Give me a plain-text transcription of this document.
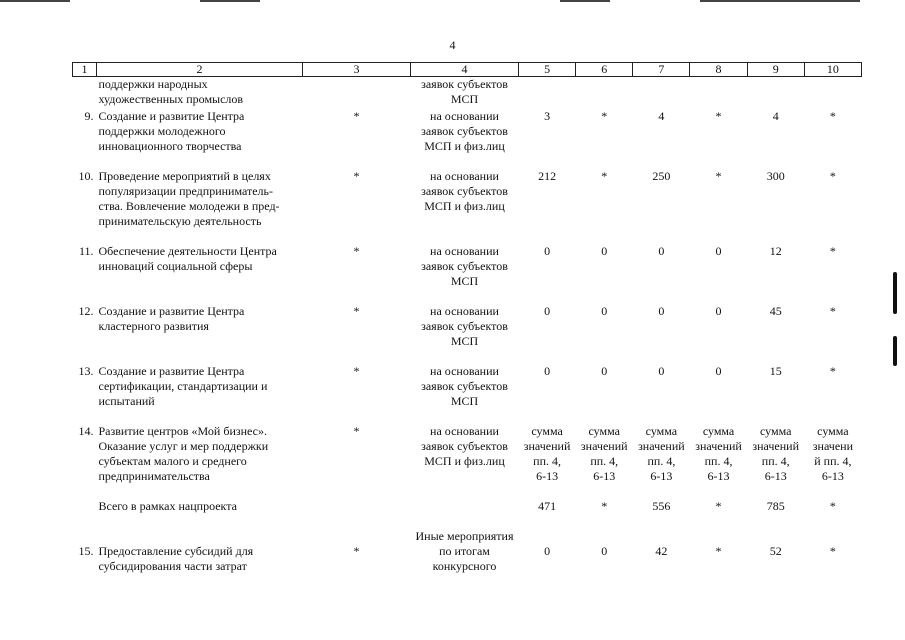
4
1	2	3	4	5	6	7	8	9	10
	поддержки народных
художественных промыслов		заявок субъектов
МСП						
9.	Создание и развитие Центра
поддержки молодежного
инновационного творчества	*	на основании
заявок субъектов
МСП и физ.лиц	3	*	4	*	4	*
10.	Проведение мероприятий в целях
популяризации предприниматель-
ства. Вовлечение молодежи в пред-
принимательскую деятельность	*	на основании
заявок субъектов
МСП и физ.лиц	212	*	250	*	300	*
11.	Обеспечение деятельности Центра
инноваций социальной сферы	*	на основании
заявок субъектов
МСП	0	0	0	0	12	*
12.	Создание и развитие Центра
кластерного развития	*	на основании
заявок субъектов
МСП	0	0	0	0	45	*
13.	Создание и развитие Центра
сертификации, стандартизации и
испытаний	*	на основании
заявок субъектов
МСП	0	0	0	0	15	*
14.	Развитие центров «Мой бизнес».
Оказание услуг и мер поддержки
субъектам малого и среднего
предпринимательства	*	на основании
заявок субъектов
МСП и физ.лиц	сумма
значений
пп. 4,
6-13	сумма
значений
пп. 4,
6-13	сумма
значений
пп. 4,
6-13	сумма
значений
пп. 4,
6-13	сумма
значений
пп. 4,
6-13	сумма
значени
й пп. 4,
6-13
	Всего в рамках нацпроекта			471	*	556	*	785	*
			Иные мероприятия						
15.	Предоставление субсидий для
субсидирования части затрат	*	по итогам
конкурсного	0	0	42	*	52	*
